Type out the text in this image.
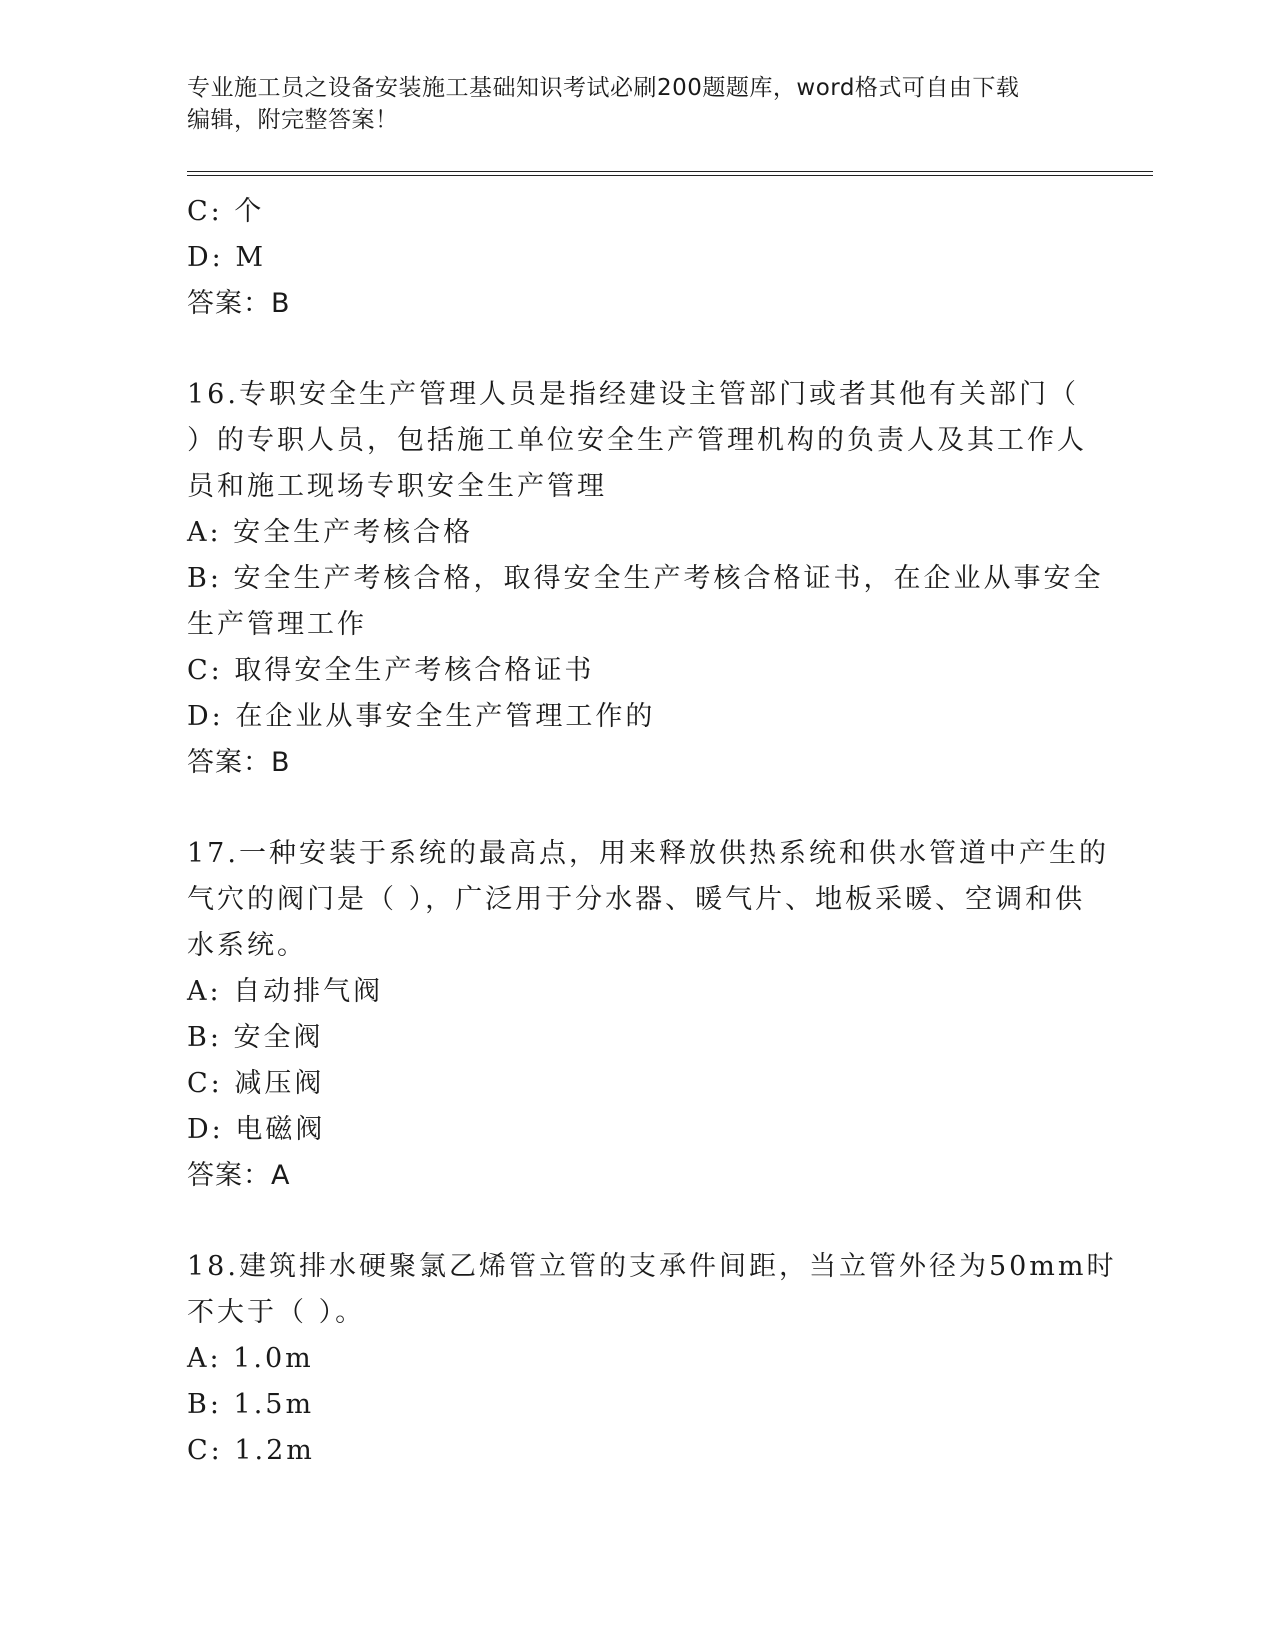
专业施工员之设备安装施工基础知识考试必刷200题题库，word格式可自由下载
编辑，附完整答案！
C: 个
D: M
答案：B
16.专职安全生产管理人员是指经建设主管部门或者其他有关部门（
）的专职人员，包括施工单位安全生产管理机构的负责人及其工作人
员和施工现场专职安全生产管理
A: 安全生产考核合格
B: 安全生产考核合格，取得安全生产考核合格证书，在企业从事安全
生产管理工作
C: 取得安全生产考核合格证书
D: 在企业从事安全生产管理工作的
答案：B
17.一种安装于系统的最高点，用来释放供热系统和供水管道中产生的
气穴的阀门是（ ），广泛用于分水器、暖气片、地板采暖、空调和供
水系统。
A: 自动排气阀
B: 安全阀
C: 减压阀
D: 电磁阀
答案：A
18.建筑排水硬聚氯乙烯管立管的支承件间距，当立管外径为50mm时
不大于（ ）。
A: 1.0m
B: 1.5m
C: 1.2m
